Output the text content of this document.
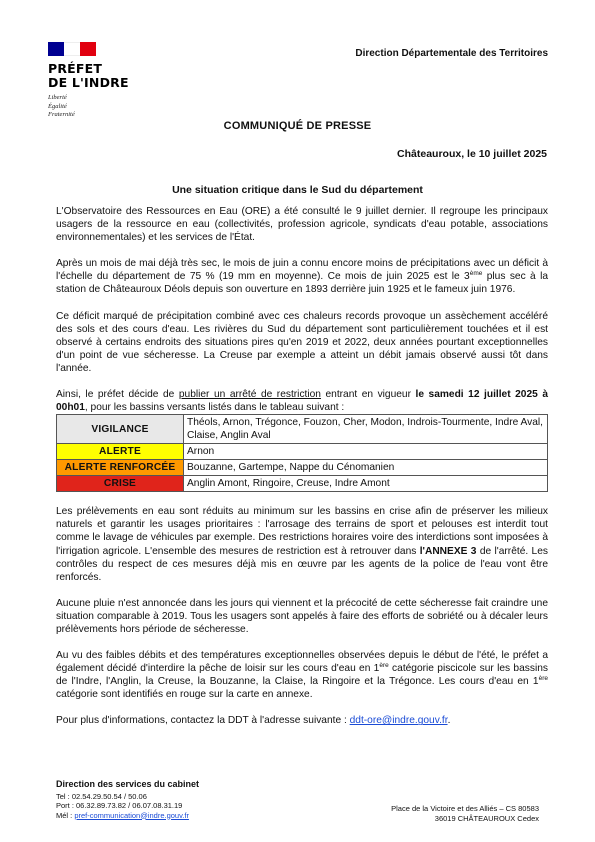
PRÉFET
DE L'INDRE
Liberté
Égalité
Fraternité
Direction Départementale des Territoires
COMMUNIQUÉ DE PRESSE
Châteauroux, le 10 juillet 2025
Une situation critique dans le Sud du département

L'Observatoire des Ressources en Eau (ORE) a été consulté le 9 juillet dernier. Il regroupe les principaux usagers de la ressource en eau (collectivités, profession agricole, syndicats d'eau potable, associations environnementales) et les services de l'État.

Après un mois de mai déjà très sec, le mois de juin a connu encore moins de précipitations avec un déficit à l'échelle du département de 75 % (19 mm en moyenne). Ce mois de juin 2025 est le 3ème plus sec à la station de Châteauroux Déols depuis son ouverture en 1893 derrière juin 1925 et le fameux juin 1976.

Ce déficit marqué de précipitation combiné avec ces chaleurs records provoque un assèchement accéléré des sols et des cours d'eau. Les rivières du Sud du département sont particulièrement touchées et il est observé à certains endroits des situations pires qu'en 2019 et 2022, deux années pourtant exceptionnelles d'un point de vue sécheresse. La Creuse par exemple a atteint un débit jamais observé aussi tôt dans l'année.

Ainsi, le préfet décide de publier un arrêté de restriction entrant en vigueur le samedi 12 juillet 2025 à 00h01, pour les bassins versants listés dans le tableau suivant :

VIGILANCE	Théols, Arnon, Trégonce, Fouzon, Cher, Modon, Indrois-Tourmente, Indre Aval, Claise, Anglin Aval
ALERTE	Arnon
ALERTE RENFORCÉE	Bouzanne, Gartempe, Nappe du Cénomanien
CRISE	Anglin Amont, Ringoire, Creuse, Indre Amont

Les prélèvements en eau sont réduits au minimum sur les bassins en crise afin de préserver les milieux naturels et garantir les usages prioritaires : l'arrosage des terrains de sport et pelouses est interdit tout comme le lavage de véhicules par exemple. Des restrictions horaires voire des interdictions sont imposées à l'irrigation agricole. L'ensemble des mesures de restriction est à retrouver dans l'ANNEXE 3 de l'arrêté. Les contrôles du respect de ces mesures déjà mis en œuvre par les agents de la police de l'eau vont être renforcés.

Aucune pluie n'est annoncée dans les jours qui viennent et la précocité de cette sécheresse fait craindre une situation comparable à 2019. Tous les usagers sont appelés à faire des efforts de sobriété ou à décaler leurs prélèvements hors période de sécheresse.

Au vu des faibles débits et des températures exceptionnelles observées depuis le début de l'été, le préfet a également décidé d'interdire la pêche de loisir sur les cours d'eau en 1ère catégorie piscicole sur les bassins de l'Indre, l'Anglin, la Creuse, la Bouzanne, la Claise, la Ringoire et la Trégonce. Les cours d'eau en 1ère catégorie sont identifiés en rouge sur la carte en annexe.

Pour plus d'informations, contactez la DDT à l'adresse suivante : ddt-ore@indre.gouv.fr.

Direction des services du cabinet
Tel : 02.54.29.50.54 / 50.06
Port : 06.32.89.73.82 / 06.07.08.31.19
Mél : pref-communication@indre.gouv.fr
Place de la Victoire et des Alliés – CS 80583
36019 CHÂTEAUROUX Cedex
